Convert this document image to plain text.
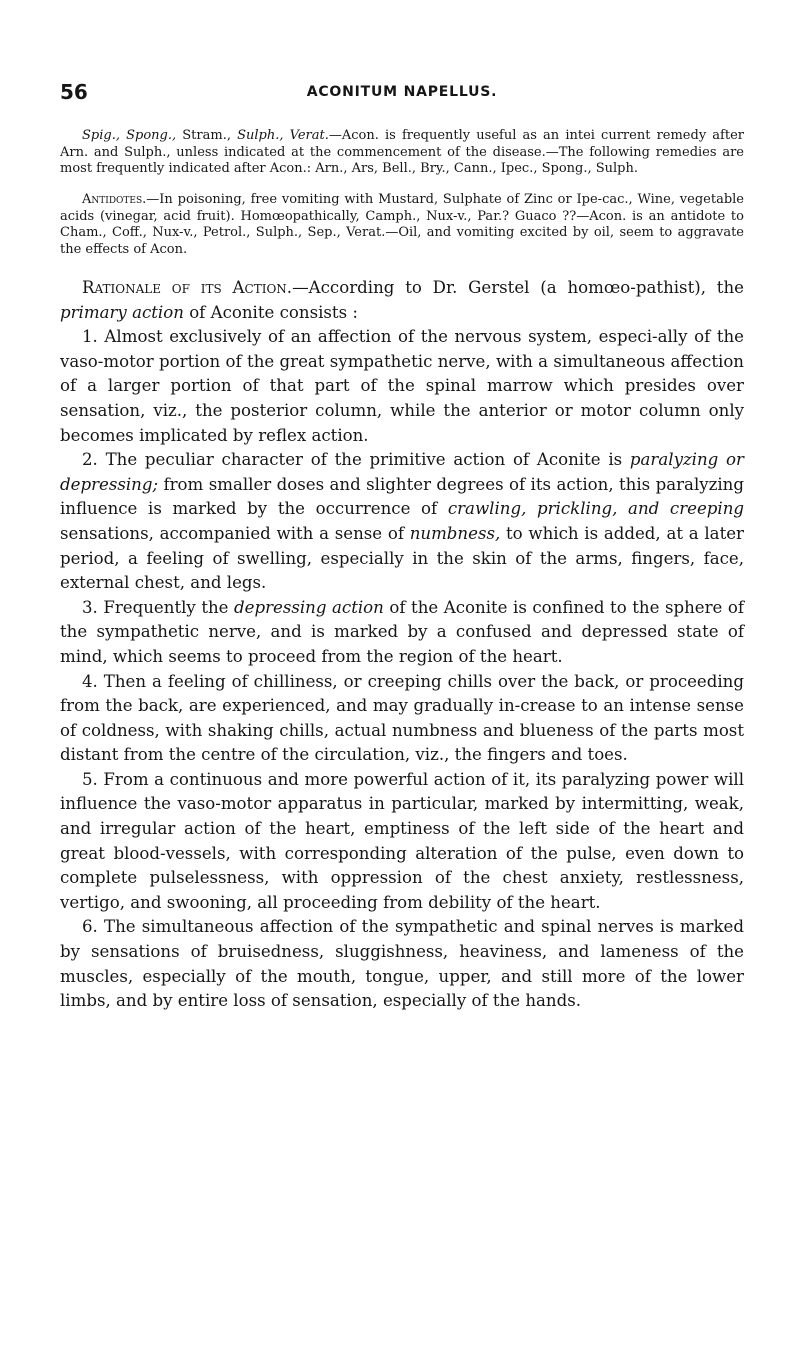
56	ACONITUM NAPELLUS.

Spig., Spong., Stram., Sulph., Verat.—Acon. is frequently useful as an intei current remedy after Arn. and Sulph., unless indicated at the commencement of the disease.—The following remedies are most frequently indicated after Acon.: Arn., Ars, Bell., Bry., Cann., Ipec., Spong., Sulph.

Antidotes.—In poisoning, free vomiting with Mustard, Sulphate of Zinc or Ipe-cac., Wine, vegetable acids (vinegar, acid fruit). Homœopathically, Camph., Nux-v., Par.? Guaco ??—Acon. is an antidote to Cham., Coff., Nux-v., Petrol., Sulph., Sep., Verat.—Oil, and vomiting excited by oil, seem to aggravate the effects of Acon.

Rationale of its Action.—According to Dr. Gerstel (a homœo-pathist), the primary action of Aconite consists :

1. Almost exclusively of an affection of the nervous system, especi-ally of the vaso-motor portion of the great sympathetic nerve, with a simultaneous affection of a larger portion of that part of the spinal marrow which presides over sensation, viz., the posterior column, while the anterior or motor column only becomes implicated by reflex action.

2. The peculiar character of the primitive action of Aconite is paralyzing or depressing; from smaller doses and slighter degrees of its action, this paralyzing influence is marked by the occurrence of crawling, prickling, and creeping sensations, accompanied with a sense of numbness, to which is added, at a later period, a feeling of swelling, especially in the skin of the arms, fingers, face, external chest, and legs.

3. Frequently the depressing action of the Aconite is confined to the sphere of the sympathetic nerve, and is marked by a confused and depressed state of mind, which seems to proceed from the region of the heart.

4. Then a feeling of chilliness, or creeping chills over the back, or proceeding from the back, are experienced, and may gradually in-crease to an intense sense of coldness, with shaking chills, actual numbness and blueness of the parts most distant from the centre of the circulation, viz., the fingers and toes.

5. From a continuous and more powerful action of it, its paralyzing power will influence the vaso-motor apparatus in particular, marked by intermitting, weak, and irregular action of the heart, emptiness of the left side of the heart and great blood-vessels, with corresponding alteration of the pulse, even down to complete pulselessness, with oppression of the chest anxiety, restlessness, vertigo, and swooning, all proceeding from debility of the heart.

6. The simultaneous affection of the sympathetic and spinal nerves is marked by sensations of bruisedness, sluggishness, heaviness, and lameness of the muscles, especially of the mouth, tongue, upper, and still more of the lower limbs, and by entire loss of sensation, especially of the hands.
